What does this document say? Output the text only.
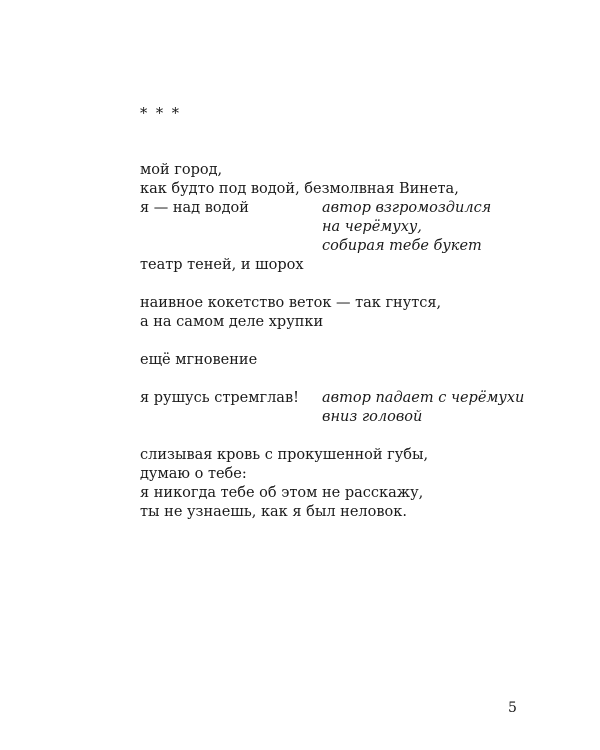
* * *
мой город,
как будто под водой, безмолвная Винета,
я — над водой	автор взгромоздился
на черёмуху,
собирая тебе букет
театр теней, и шорох
наивное кокетство веток — так гнутся,
а на самом деле хрупки
ещё мгновение
я рушусь стремглав!	автор падает с черёмухи
вниз головой
слизывая кровь с прокушенной губы,
думаю о тебе:
я никогда тебе об этом не расскажу,
ты не узнаешь, как я был неловок.
5
